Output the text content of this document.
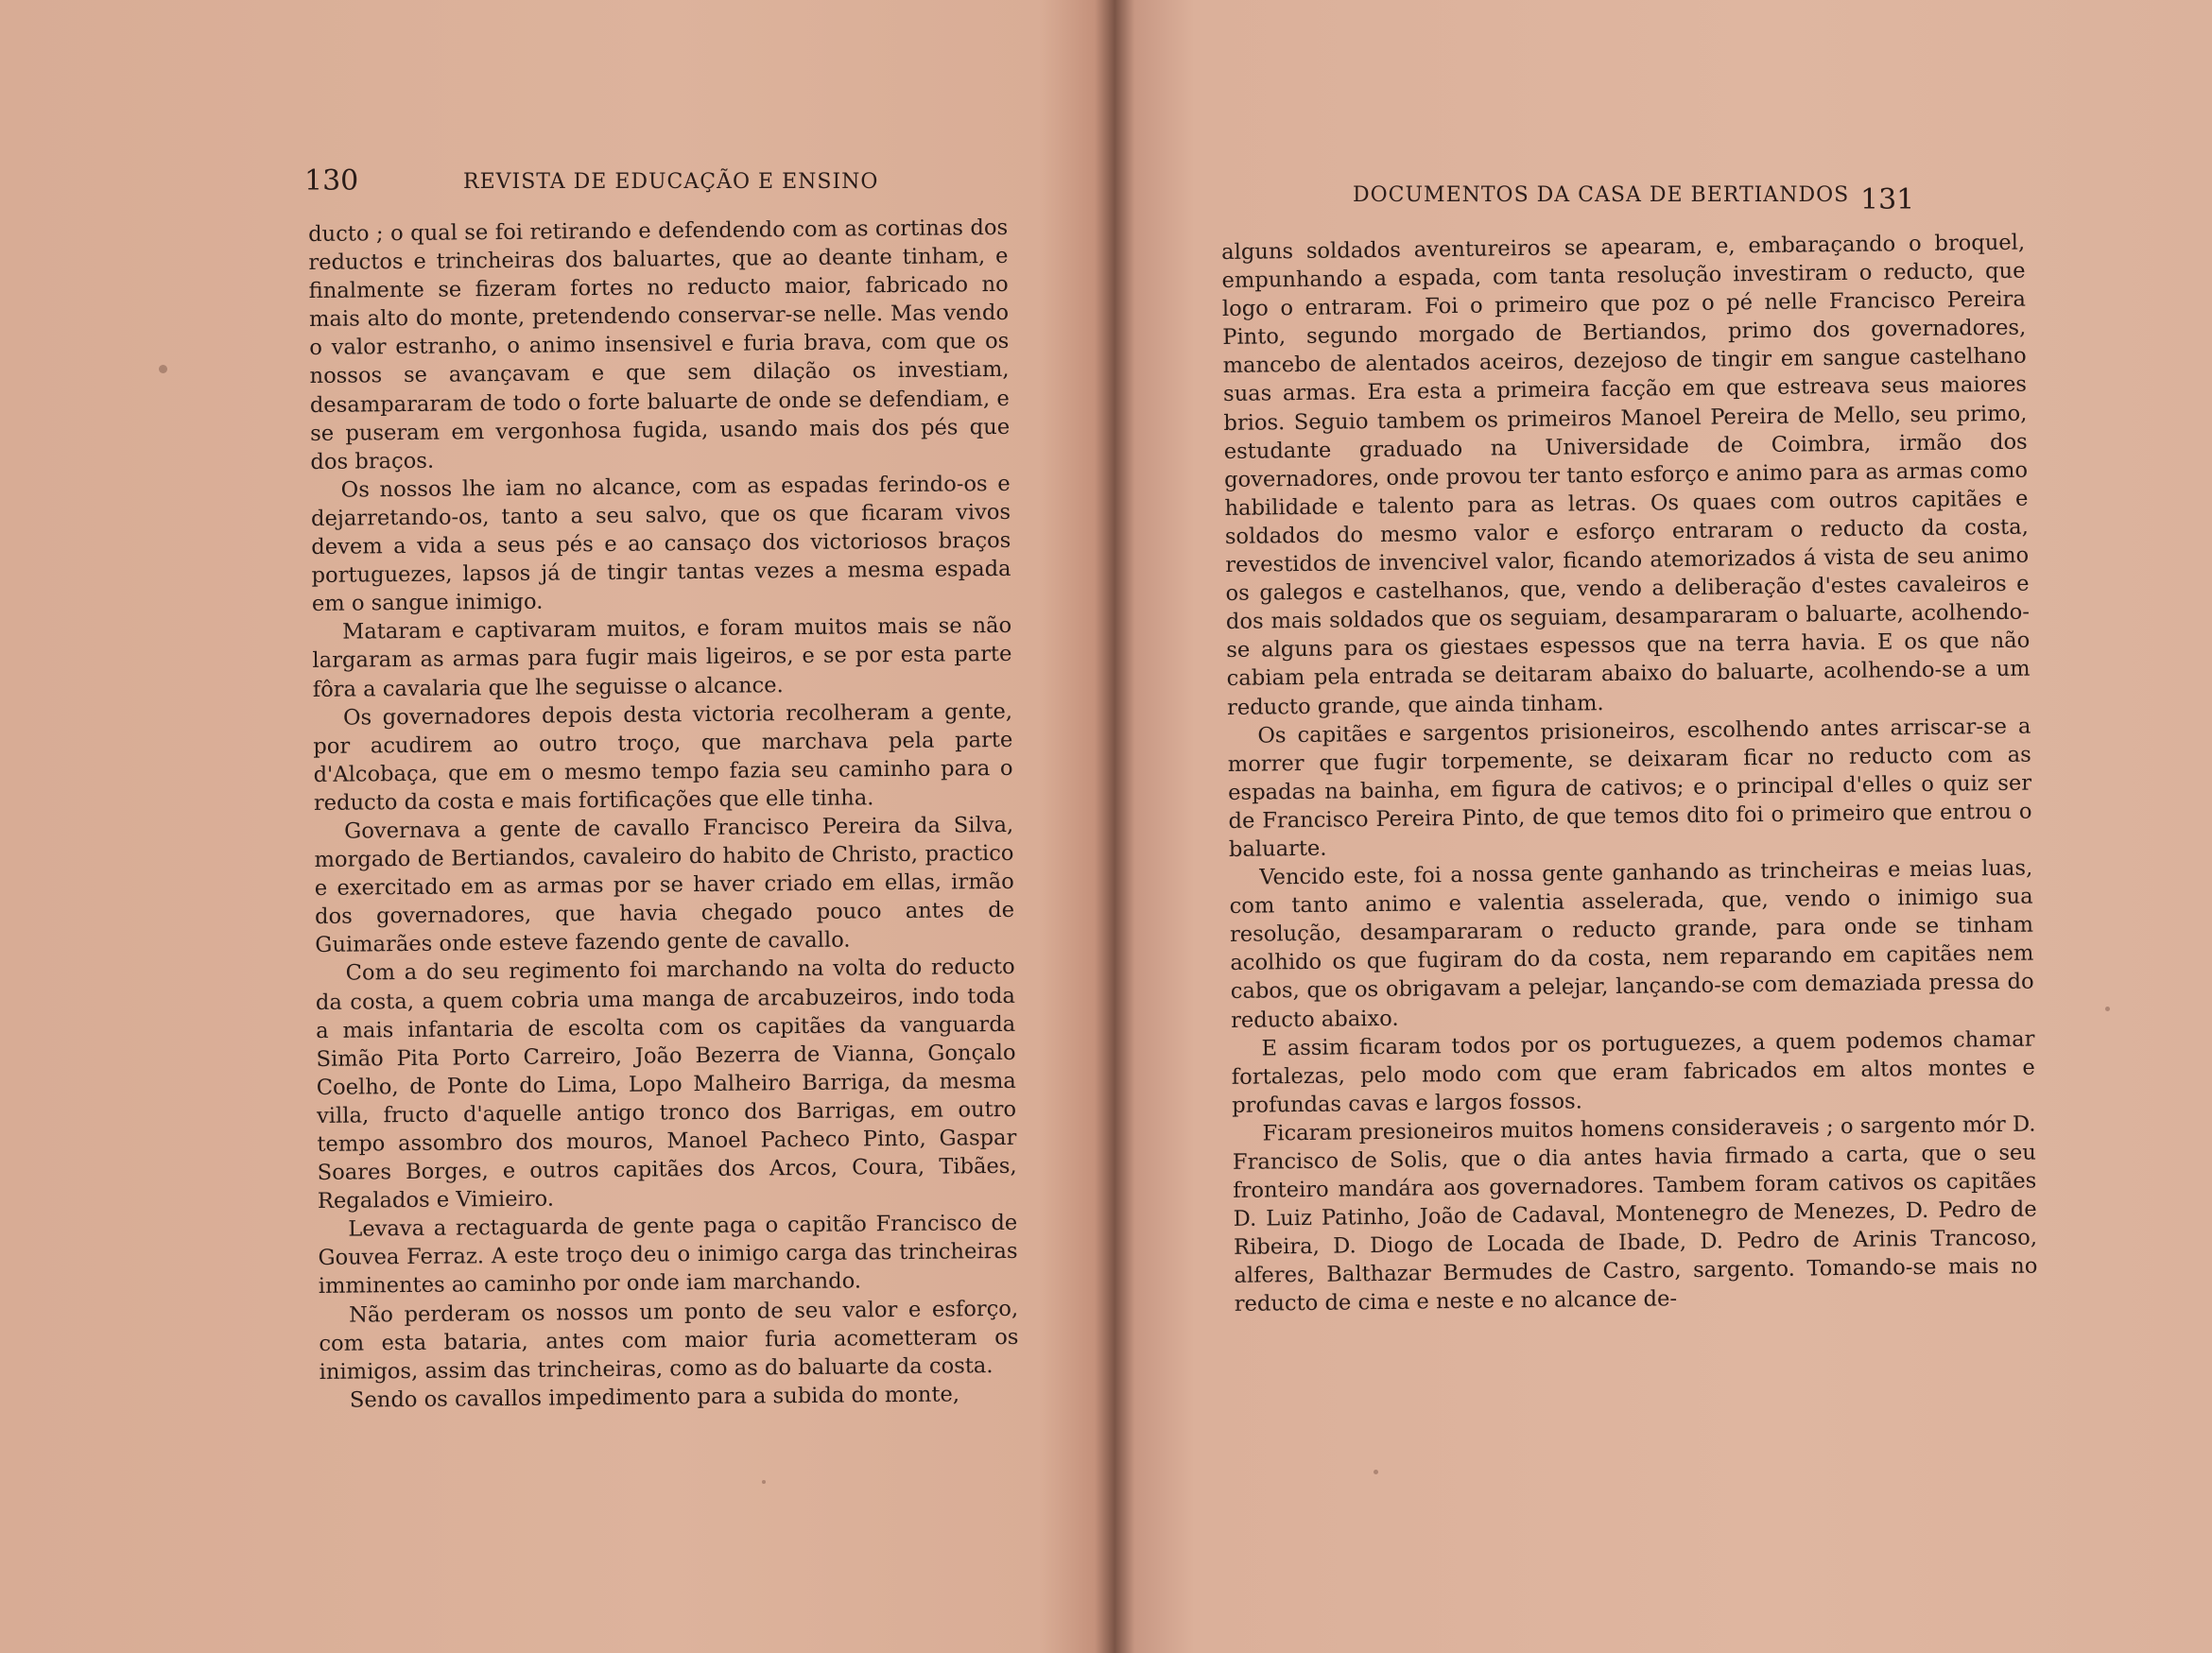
130	REVISTA DE EDUCAÇÃO E ENSINO

ducto ; o qual se foi retirando e defendendo com as cortinas dos reductos e trincheiras dos baluartes, que ao deante tinham, e finalmente se fizeram fortes no reducto maior, fabricado no mais alto do monte, pretendendo conservar-se nelle. Mas vendo o valor estranho, o animo insensivel e furia brava, com que os nossos se avançavam e que sem dilação os investiam, desampararam de todo o forte baluarte de onde se defendiam, e se puseram em vergonhosa fugida, usando mais dos pés que dos braços.

Os nossos lhe iam no alcance, com as espadas ferindo-os e dejarretando-os, tanto a seu salvo, que os que ficaram vivos devem a vida a seus pés e ao cansaço dos victoriosos braços portuguezes, lapsos já de tingir tantas vezes a mesma espada em o sangue inimigo.

Mataram e captivaram muitos, e foram muitos mais se não largaram as armas para fugir mais ligeiros, e se por esta parte fôra a cavalaria que lhe seguisse o alcance.

Os governadores depois desta victoria recolheram a gente, por acudirem ao outro troço, que marchava pela parte d'Alcobaça, que em o mesmo tempo fazia seu caminho para o reducto da costa e mais fortificações que elle tinha.

Governava a gente de cavallo Francisco Pereira da Silva, morgado de Bertiandos, cavaleiro do habito de Christo, practico e exercitado em as armas por se haver criado em ellas, irmão dos governadores, que havia chegado pouco antes de Guimarães onde esteve fazendo gente de cavallo.

Com a do seu regimento foi marchando na volta do reducto da costa, a quem cobria uma manga de arcabuzeiros, indo toda a mais infantaria de escolta com os capitães da vanguarda Simão Pita Porto Carreiro, João Bezerra de Vianna, Gonçalo Coelho, de Ponte do Lima, Lopo Malheiro Barriga, da mesma villa, fructo d'aquelle antigo tronco dos Barrigas, em outro tempo assombro dos mouros, Manoel Pacheco Pinto, Gaspar Soares Borges, e outros capitães dos Arcos, Coura, Tibães, Regalados e Vimieiro.

Levava a rectaguarda de gente paga o capitão Francisco de Gouvea Ferraz. A este troço deu o inimigo carga das trincheiras imminentes ao caminho por onde iam marchando.

Não perderam os nossos um ponto de seu valor e esforço, com esta bataria, antes com maior furia acometteram os inimigos, assim das trincheiras, como as do baluarte da costa.

Sendo os cavallos impedimento para a subida do monte,

DOCUMENTOS DA CASA DE BERTIANDOS 131

alguns soldados aventureiros se apearam, e, embaraçando o broquel, empunhando a espada, com tanta resolução investiram o reducto, que logo o entraram. Foi o primeiro que poz o pé nelle Francisco Pereira Pinto, segundo morgado de Bertiandos, primo dos governadores, mancebo de alentados aceiros, dezejoso de tingir em sangue castelhano suas armas. Era esta a primeira facção em que estreava seus maiores brios. Seguio tambem os primeiros Manoel Pereira de Mello, seu primo, estudante graduado na Universidade de Coimbra, irmão dos governadores, onde provou ter tanto esforço e animo para as armas como habilidade e talento para as letras. Os quaes com outros capitães e soldados do mesmo valor e esforço entraram o reducto da costa, revestidos de invencivel valor, ficando atemorizados á vista de seu animo os galegos e castelhanos, que, vendo a deliberação d'estes cavaleiros e dos mais soldados que os seguiam, desampararam o baluarte, acolhendo-se alguns para os giestaes espessos que na terra havia. E os que não cabiam pela entrada se deitaram abaixo do baluarte, acolhendo-se a um reducto grande, que ainda tinham.

Os capitães e sargentos prisioneiros, escolhendo antes arriscar-se a morrer que fugir torpemente, se deixaram ficar no reducto com as espadas na bainha, em figura de cativos; e o principal d'elles o quiz ser de Francisco Pereira Pinto, de que temos dito foi o primeiro que entrou o baluarte.

Vencido este, foi a nossa gente ganhando as trincheiras e meias luas, com tanto animo e valentia asselerada, que, vendo o inimigo sua resolução, desampararam o reducto grande, para onde se tinham acolhido os que fugiram do da costa, nem reparando em capitães nem cabos, que os obrigavam a pelejar, lançando-se com demaziada pressa do reducto abaixo.

E assim ficaram todos por os portuguezes, a quem podemos chamar fortalezas, pelo modo com que eram fabricados em altos montes e profundas cavas e largos fossos.

Ficaram presioneiros muitos homens consideraveis ; o sargento mór D. Francisco de Solis, que o dia antes havia firmado a carta, que o seu fronteiro mandára aos governadores. Tambem foram cativos os capitães D. Luiz Patinho, João de Cadaval, Montenegro de Menezes, D. Pedro de Ribeira, D. Diogo de Locada de Ibade, D. Pedro de Arinis Trancoso, alferes, Balthazar Bermudes de Castro, sargento. Tomando-se mais no reducto de cima e neste e no alcance de-
